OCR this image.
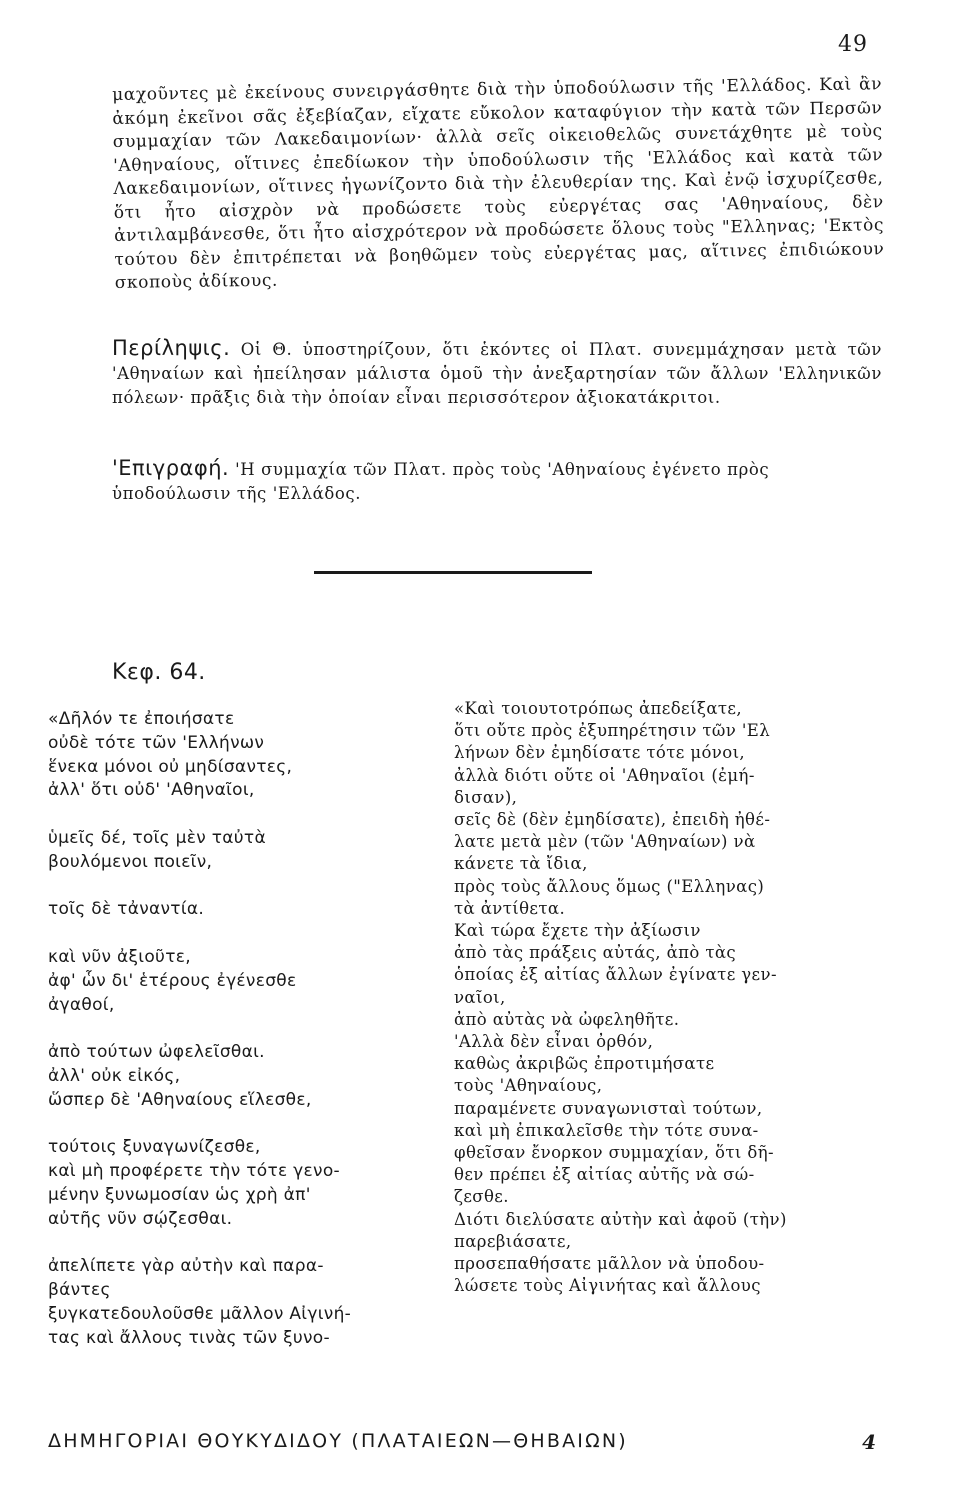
49
μαχοῦντες μὲ ἐκείνους συνειργάσθητε διὰ τὴν ὑποδούλωσιν τῆς 'Ελλάδος. Καὶ ἂν ἀκόμη ἐκεῖνοι σᾶς ἐξεβίαζαν, εἴχατε εὔκολον καταφύγιον τὴν κατὰ τῶν Περσῶν συμμαχίαν τῶν Λακεδαιμονίων· ἀλλὰ σεῖς οἰκειοθελῶς συνετάχθητε μὲ τοὺς 'Αθηναίους, οἵτινες ἐπεδίωκον τὴν ὑποδούλωσιν τῆς 'Ελλάδος καὶ κατὰ τῶν Λακεδαιμονίων, οἵτινες ἠγωνίζοντο διὰ τὴν ἐλευθερίαν της. Καὶ ἐνῷ ἰσχυρίζεσθε, ὅτι ἦτο αἰσχρὸν νὰ προδώσετε τοὺς εὐεργέτας σας 'Αθηναίους, δὲν ἀντιλαμβάνεσθε, ὅτι ἦτο αἰσχρότερον νὰ προδώσετε ὅλους τοὺς "Ελληνας; 'Εκτὸς τούτου δὲν ἐπιτρέπεται νὰ βοηθῶμεν τοὺς εὐεργέτας μας, αἵτινες ἐπιδιώκουν σκοποὺς ἀδίκους.
Περίληψις. Οἱ Θ. ὑποστηρίζουν, ὅτι ἑκόντες οἱ Πλατ. συνεμμάχησαν μετὰ τῶν 'Αθηναίων καὶ ἠπείλησαν μάλιστα ὁμοῦ τὴν ἀνεξαρτησίαν τῶν ἄλλων 'Ελληνικῶν πόλεων· πρᾶξις διὰ τὴν ὁποίαν εἶναι περισσότερον ἀξιοκατάκριτοι.
'Επιγραφή. 'Η συμμαχία τῶν Πλατ. πρὸς τοὺς 'Αθηναίους ἐγένετο πρὸς ὑποδούλωσιν τῆς 'Ελλάδος.
Κεφ. 64.
«Δῆλόν τε ἐποιήσατε
οὐδὲ τότε τῶν 'Ελλήνων
ἕνεκα μόνοι οὐ μηδίσαντες,
ἀλλ' ὅτι οὐδ' 'Αθηναῖοι,
ὑμεῖς δέ, τοῖς μὲν ταὐτὰ
βουλόμενοι ποιεῖν,
τοῖς δὲ τἀναντία.
καὶ νῦν ἀξιοῦτε,
ἀφ' ὧν δι' ἑτέρους ἐγένεσθε
ἀγαθοί,
ἀπὸ τούτων ὠφελεῖσθαι.
ἀλλ' οὐκ εἰκός,
ὥσπερ δὲ 'Αθηναίους εἵλεσθε,
τούτοις ξυναγωνίζεσθε,
καὶ μὴ προφέρετε τὴν τότε γενο-
μένην ξυνωμοσίαν ὡς χρὴ ἀπ'
αὐτῆς νῦν σῴζεσθαι.
ἀπελίπετε γὰρ αὐτὴν καὶ παρα-
βάντες
ξυγκατεδουλοῦσθε μᾶλλον Αἰγινή-
τας καὶ ἄλλους τινὰς τῶν ξυνο-
«Καὶ τοιουτοτρόπως ἀπεδείξατε,
ὅτι οὔτε πρὸς ἐξυπηρέτησιν τῶν 'Ελ
λήνων δὲν ἐμηδίσατε τότε μόνοι,
ἀλλὰ διότι οὔτε οἱ 'Αθηναῖοι (ἐμή-
δισαν),
σεῖς δὲ (δὲν ἐμηδίσατε), ἐπειδὴ ἠθέ-
λατε μετὰ μὲν (τῶν 'Αθηναίων) νὰ
κάνετε τὰ ἴδια,
πρὸς τοὺς ἄλλους ὅμως ("Ελληνας)
τὰ ἀντίθετα.
Καὶ τώρα ἔχετε τὴν ἀξίωσιν
ἀπὸ τὰς πράξεις αὐτάς, ἀπὸ τὰς
ὁποίας ἐξ αἰτίας ἄλλων ἐγίνατε γεν-
ναῖοι,
ἀπὸ αὐτὰς νὰ ὠφεληθῆτε.
'Αλλὰ δὲν εἶναι ὀρθόν,
καθὼς ἀκριβῶς ἐπροτιμήσατε
τοὺς 'Αθηναίους,
παραμένετε συναγωνισταὶ τούτων,
καὶ μὴ ἐπικαλεῖσθε τὴν τότε συνα-
φθεῖσαν ἔνορκον συμμαχίαν, ὅτι δῆ-
θεν πρέπει ἐξ αἰτίας αὐτῆς νὰ σώ-
ζεσθε.
Διότι διελύσατε αὐτὴν καὶ ἀφοῦ (τὴν)
παρεβιάσατε,
προσεπαθήσατε μᾶλλον νὰ ὑποδου-
λώσετε τοὺς Αἰγινήτας καὶ ἄλλους
ΔΗΜΗΓΟΡΙΑΙ ΘΟΥΚΥΔΙΔΟΥ (ΠΛΑΤΑΙΕΩΝ—ΘΗΒΑΙΩΝ)	4
